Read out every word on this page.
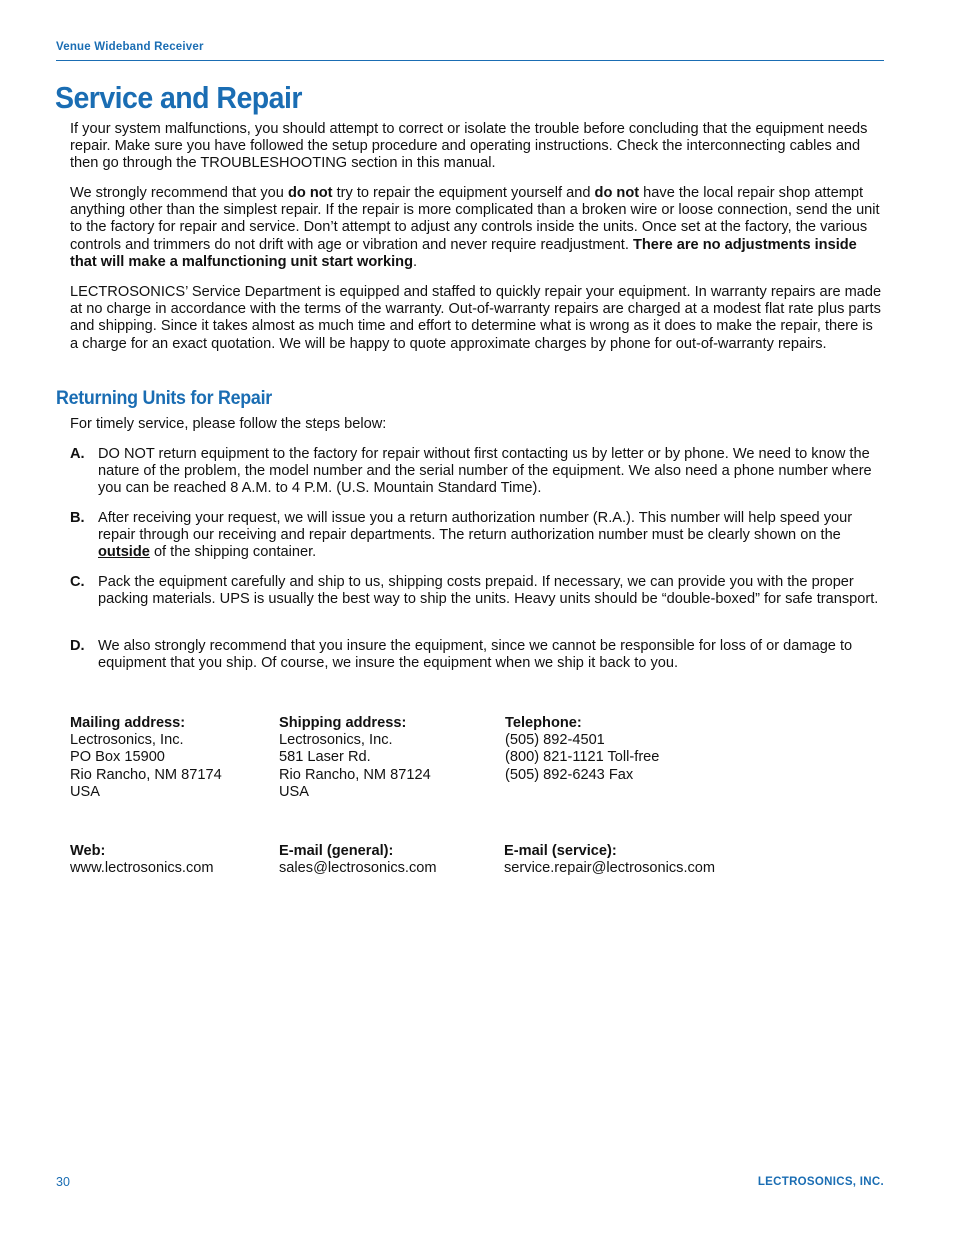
Venue Wideband Receiver
Service and Repair

If your system malfunctions, you should attempt to correct or isolate the trouble before concluding that the equipment needs repair. Make sure you have followed the setup procedure and operating instructions. Check the interconnecting cables and then go through the TROUBLESHOOTING section in this manual.

We strongly recommend that you do not try to repair the equipment yourself and do not have the local repair shop attempt anything other than the simplest repair. If the repair is more complicated than a broken wire or loose connection, send the unit to the factory for repair and service. Don’t attempt to adjust any controls inside the units. Once set at the factory, the various controls and trimmers do not drift with age or vibration and never require readjustment. There are no adjustments inside that will make a malfunctioning unit start working.

LECTROSONICS’ Service Department is equipped and staffed to quickly repair your equipment. In warranty repairs are made at no charge in accordance with the terms of the warranty. Out-of-warranty repairs are charged at a modest flat rate plus parts and shipping. Since it takes almost as much time and effort to determine what is wrong as it does to make the repair, there is a charge for an exact quotation. We will be happy to quote approximate charges by phone for out-of-warranty repairs.

Returning Units for Repair

For timely service, please follow the steps below:

A. DO NOT return equipment to the factory for repair without first contacting us by letter or by phone. We need to know the nature of the problem, the model number and the serial number of the equipment. We also need a phone number where you can be reached 8 A.M. to 4 P.M. (U.S. Mountain Standard Time).
B. After receiving your request, we will issue you a return authorization number (R.A.). This number will help speed your repair through our receiving and repair departments. The return authorization number must be clearly shown on the outside of the shipping container.
C. Pack the equipment carefully and ship to us, shipping costs prepaid. If necessary, we can provide you with the proper packing materials. UPS is usually the best way to ship the units. Heavy units should be “double-boxed” for safe transport.
D. We also strongly recommend that you insure the equipment, since we cannot be responsible for loss of or damage to equipment that you ship. Of course, we insure the equipment when we ship it back to you.
Mailing address:
Lectrosonics, Inc.
PO Box 15900
Rio Rancho, NM 87174
USA
Shipping address:
Lectrosonics, Inc.
581 Laser Rd.
Rio Rancho, NM 87124
USA
Telephone:
(505) 892-4501
(800) 821-1121 Toll-free
(505) 892-6243 Fax
Web:
www.lectrosonics.com
E-mail (general):
sales@lectrosonics.com
E-mail (service):
service.repair@lectrosonics.com
30	LECTROSONICS, INC.
